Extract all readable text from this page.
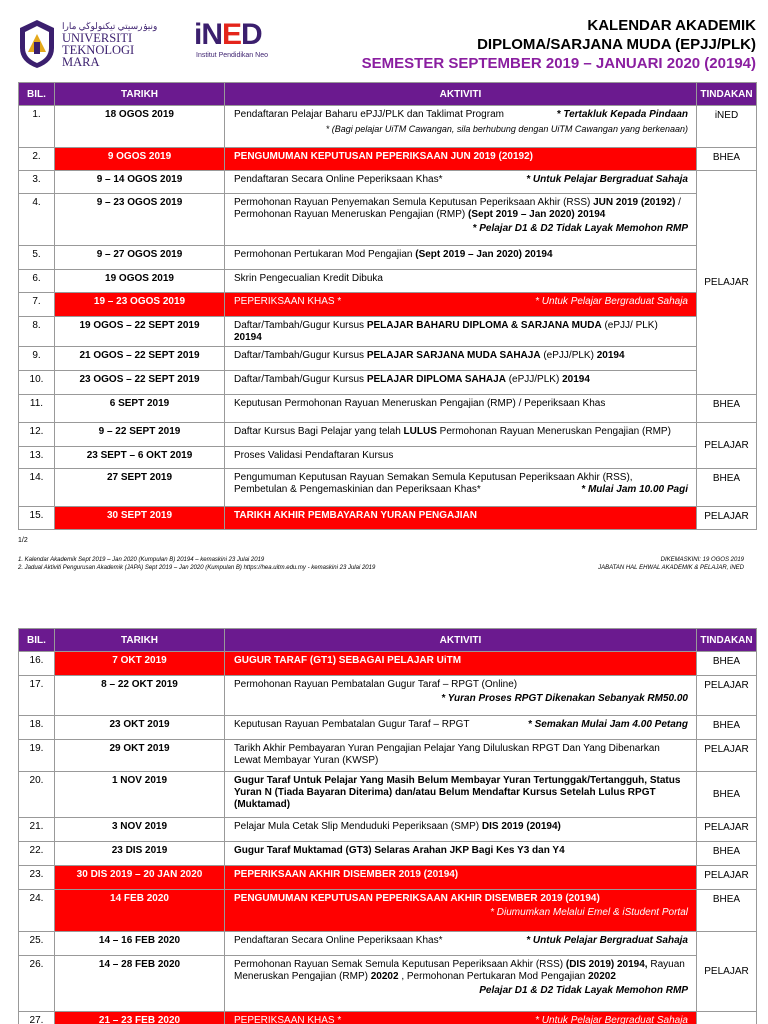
ونيۏرسيتي تيكنولوڬي مارا
UNIVERSITI
TEKNOLOGI
MARA
iNED
Institut Pendidikan Neo
KALENDAR AKADEMIK
DIPLOMA/SARJANA MUDA (EPJJ/PLK)
SEMESTER SEPTEMBER 2019 – JANUARI 2020 (20194)
BIL.	TARIKH	AKTIVITI	TINDAKAN
1.	18 OGOS 2019	Pendaftaran Pelajar Baharu ePJJ/PLK dan Taklimat Program * Tertakluk Kepada Pindaan
* (Bagi pelajar UiTM Cawangan, sila berhubung dengan UiTM Cawangan yang berkenaan)	iNED
2.	9 OGOS 2019	PENGUMUMAN KEPUTUSAN PEPERIKSAAN JUN 2019 (20192)	BHEA
3.	9 – 14 OGOS 2019	Pendaftaran Secara Online Peperiksaan Khas* * Untuk Pelajar Bergraduat Sahaja	PELAJAR
4.	9 – 23 OGOS 2019	Permohonan Rayuan Penyemakan Semula Keputusan Peperiksaan Akhir (RSS) JUN 2019 (20192) / Permohonan Rayuan Meneruskan Pengajian (RMP) (Sept 2019 – Jan 2020) 20194
* Pelajar D1 & D2 Tidak Layak Memohon RMP	

5.	9 – 27 OGOS 2019	Permohonan Pertukaran Mod Pengajian (Sept 2019 – Jan 2020) 20194	
6.	19 OGOS 2019	Skrin Pengecualian Kredit Dibuka	
7.	19 – 23 OGOS 2019	PEPERIKSAAN KHAS * * Untuk Pelajar Bergraduat Sahaja	

8.	19 OGOS – 22 SEPT 2019	Daftar/Tambah/Gugur Kursus PELAJAR BAHARU DIPLOMA & SARJANA MUDA (ePJJ/ PLK) 20194	
9.	21 OGOS – 22 SEPT 2019	Daftar/Tambah/Gugur Kursus PELAJAR SARJANA MUDA SAHAJA (ePJJ/PLK) 20194	
10.	23 OGOS – 22 SEPT 2019	Daftar/Tambah/Gugur Kursus PELAJAR DIPLOMA SAHAJA (ePJJ/PLK) 20194	
11.	6 SEPT 2019	Keputusan Permohonan Rayuan Meneruskan Pengajian (RMP) / Peperiksaan Khas	BHEA
12.	9 – 22 SEPT 2019	Daftar Kursus Bagi Pelajar yang telah LULUS Permohonan Rayuan Meneruskan Pengajian (RMP)	PELAJAR
13.	23 SEPT – 6 OKT 2019	Proses Validasi Pendaftaran Kursus	
14.	27 SEPT 2019	Pengumuman Keputusan Rayuan Semakan Semula Keputusan Peperiksaan Akhir (RSS), Pembetulan & Pengemaskinian dan Peperiksaan Khas* * Mulai Jam 10.00 Pagi	BHEA
15.	30 SEPT 2019	TARIKH AKHIR PEMBAYARAN YURAN PENGAJIAN	PELAJAR
1/2
1. Kalendar Akademik Sept 2019 – Jan 2020 (Kumpulan B) 20194 – kemaskini 23 Julai 2019
2. Jadual Aktiviti Pengurusan Akademik (JAPA) Sept 2019 – Jan 2020 (Kumpulan B) https://hea.uitm.edu.my - kemaskini 23 Julai 2019
DIKEMASKINI: 19 OGOS 2019
JABATAN HAL EHWAL AKADEMIK & PELAJAR, iNED
BIL.	TARIKH	AKTIVITI	TINDAKAN
16.	7 OKT 2019	GUGUR TARAF (GT1) SEBAGAI PELAJAR UiTM	BHEA
17.	8 – 22 OKT 2019	Permohonan Rayuan Pembatalan Gugur Taraf – RPGT (Online)
* Yuran Proses RPGT Dikenakan Sebanyak RM50.00	PELAJAR
18.	23 OKT 2019	Keputusan Rayuan Pembatalan Gugur Taraf – RPGT * Semakan Mulai Jam 4.00 Petang	BHEA
19.	29 OKT 2019	Tarikh Akhir Pembayaran Yuran Pengajian Pelajar Yang Diluluskan RPGT Dan Yang Dibenarkan Lewat Membayar Yuran (KWSP)	PELAJAR
20.	1 NOV 2019	Gugur Taraf Untuk Pelajar Yang Masih Belum Membayar Yuran Tertunggak/Tertangguh, Status Yuran N (Tiada Bayaran Diterima) dan/atau Belum Mendaftar Kursus Setelah Lulus RPGT (Muktamad)	BHEA
21.	3 NOV 2019	Pelajar Mula Cetak Slip Menduduki Peperiksaan (SMP) DIS 2019 (20194)	PELAJAR
22.	23 DIS 2019	Gugur Taraf Muktamad (GT3) Selaras Arahan JKP Bagi Kes Y3 dan Y4	BHEA
23.	30 DIS 2019 – 20 JAN 2020	PEPERIKSAAN AKHIR DISEMBER 2019 (20194)	PELAJAR
24.	14 FEB 2020	PENGUMUMAN KEPUTUSAN PEPERIKSAAN AKHIR DISEMBER 2019 (20194)
* Diumumkan Melalui Emel & iStudent Portal	BHEA
25.	14 – 16 FEB 2020	Pendaftaran Secara Online Peperiksaan Khas* * Untuk Pelajar Bergraduat Sahaja	PELAJAR
26.	14 – 28 FEB 2020	Permohonan Rayuan Semak Semula Keputusan Peperiksaan Akhir (RSS) (DIS 2019) 20194, Rayuan Meneruskan Pengajian (RMP) 20202 , Permohonan Pertukaran Mod Pengajian 20202
Pelajar D1 & D2 Tidak Layak Memohon RMP	

27.	21 – 23 FEB 2020	PEPERIKSAAN KHAS * * Untuk Pelajar Bergraduat Sahaja	
